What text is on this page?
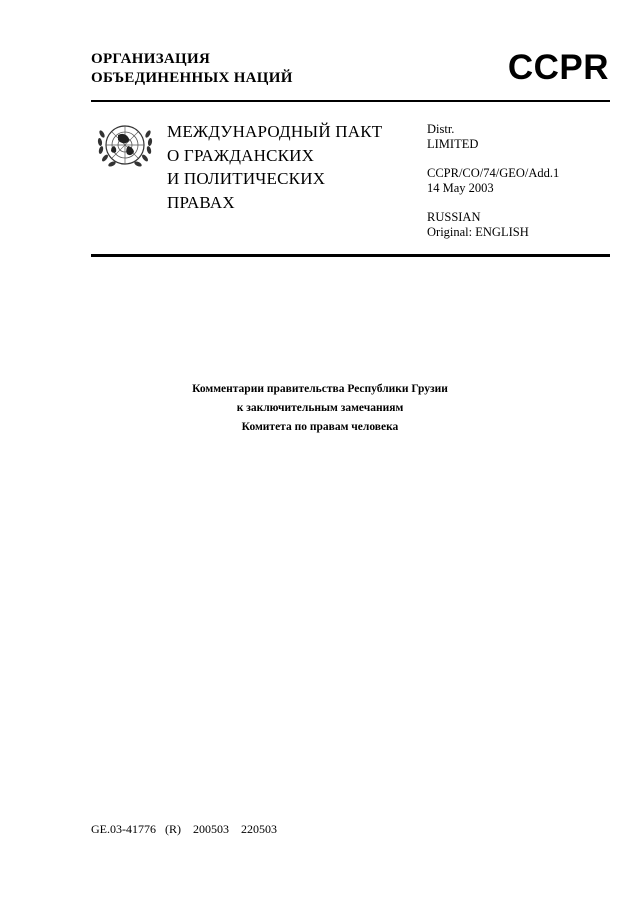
ОРГАНИЗАЦИЯ
ОБЪЕДИНЕННЫХ НАЦИЙ	CCPR
МЕЖДУНАРОДНЫЙ ПАКТ
О ГРАЖДАНСКИХ
И ПОЛИТИЧЕСКИХ
ПРАВАХ
Distr.
LIMITED
CCPR/CO/74/GEO/Add.1
14 May 2003
RUSSIAN
Original: ENGLISH
Комментарии правительства Республики Грузии
к заключительным замечаниям
Комитета по правам человека
GE.03-41776   (R)    200503    220503
